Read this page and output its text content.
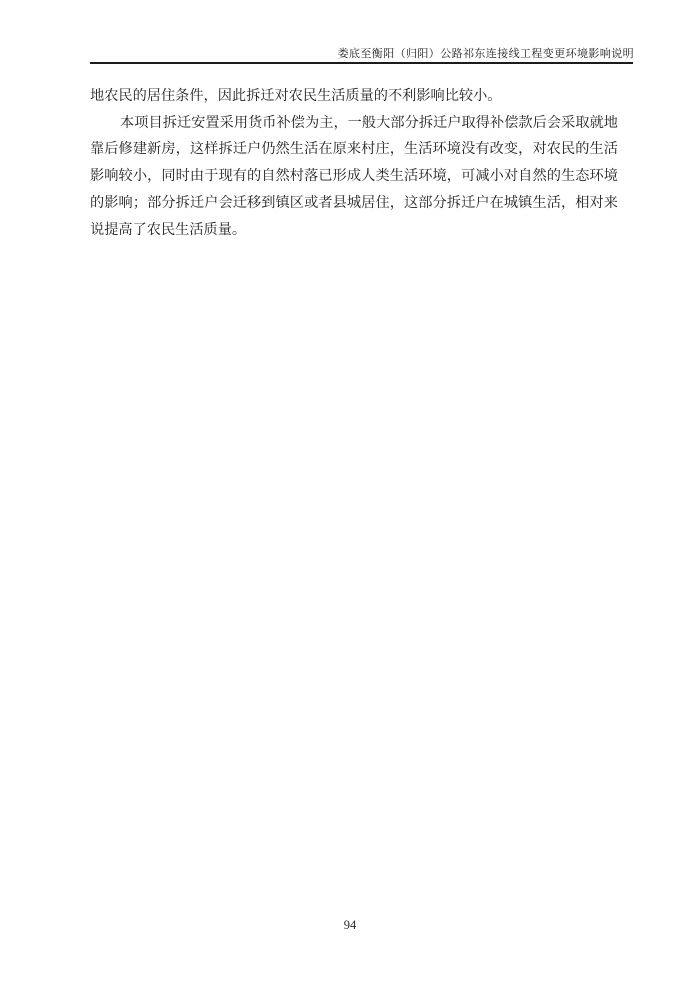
娄底至衡阳（归阳）公路祁东连接线工程变更环境影响说明
地农民的居住条件，因此拆迁对农民生活质量的不利影响比较小。
本项目拆迁安置采用货币补偿为主，一般大部分拆迁户取得补偿款后会采取就地
靠后修建新房，这样拆迁户仍然生活在原来村庄，生活环境没有改变，对农民的生活
影响较小，同时由于现有的自然村落已形成人类生活环境，可减小对自然的生态环境
的影响；部分拆迁户会迁移到镇区或者县城居住，这部分拆迁户在城镇生活，相对来
说提高了农民生活质量。
94
